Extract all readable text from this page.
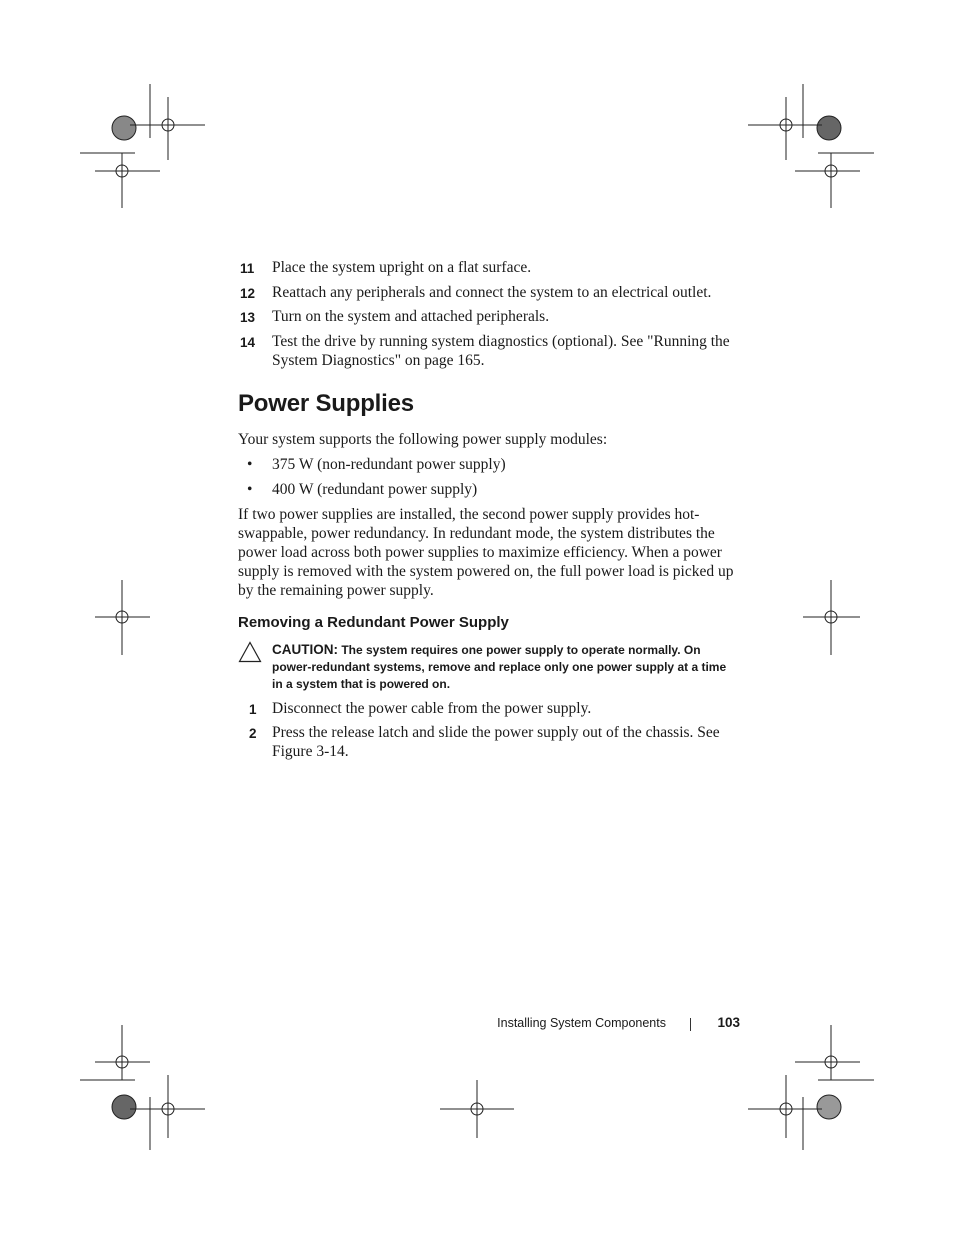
11 Place the system upright on a flat surface.
12 Reattach any peripherals and connect the system to an electrical outlet.
13 Turn on the system and attached peripherals.
14 Test the drive by running system diagnostics (optional). See "Running the System Diagnostics" on page 165.
Power Supplies

Your system supports the following power supply modules:

• 375 W (non-redundant power supply)
• 400 W (redundant power supply)

If two power supplies are installed, the second power supply provides hot-swappable, power redundancy. In redundant mode, the system distributes the power load across both power supplies to maximize efficiency. When a power supply is removed with the system powered on, the full power load is picked up by the remaining power supply.

Removing a Redundant Power Supply
CAUTION: The system requires one power supply to operate normally. On power-redundant systems, remove and replace only one power supply at a time in a system that is powered on.
1 Disconnect the power cable from the power supply.
2 Press the release latch and slide the power supply out of the chassis. See Figure 3-14.
Installing System Components	103
